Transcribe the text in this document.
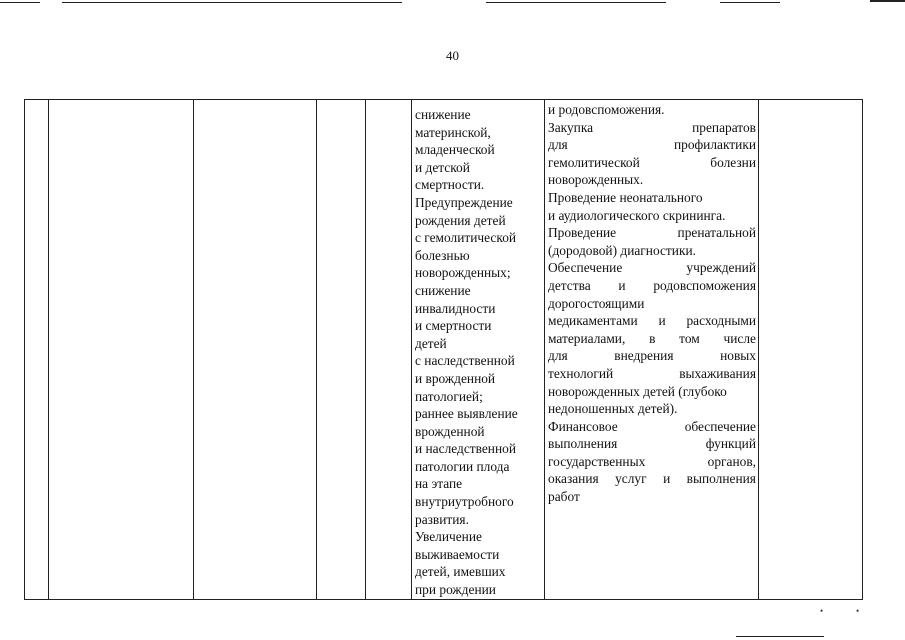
40

снижение
материнской,
младенческой
и детской
смертности.
Предупреждение
рождения детей
с гемолитической
болезнью
новорожденных;
снижение
инвалидности
и смертности
детей
с наследственной
и врожденной
патологией;
раннее выявление
врожденной
и наследственной
патологии плода
на этапе
внутриутробного
развития.
Увеличение
выживаемости
детей, имевших
при рождении

и родовспоможения.
Закупка	препаратов
для	профилактики
гемолитической	болезни
новорожденных.
Проведение неонатального
и аудиологического скрининга.
Проведение	пренатальной
(дородовой) диагностики.
Обеспечение	учреждений
детства и родовспоможения
дорогостоящими
медикаментами и расходными
материалами, в том числе
для	внедрения	новых
технологий	выхаживания
новорожденных детей (глубоко
недоношенных детей).
Финансовое	обеспечение
выполнения	функций
государственных	органов,
оказания услуг и выполнения
работ

•	•
